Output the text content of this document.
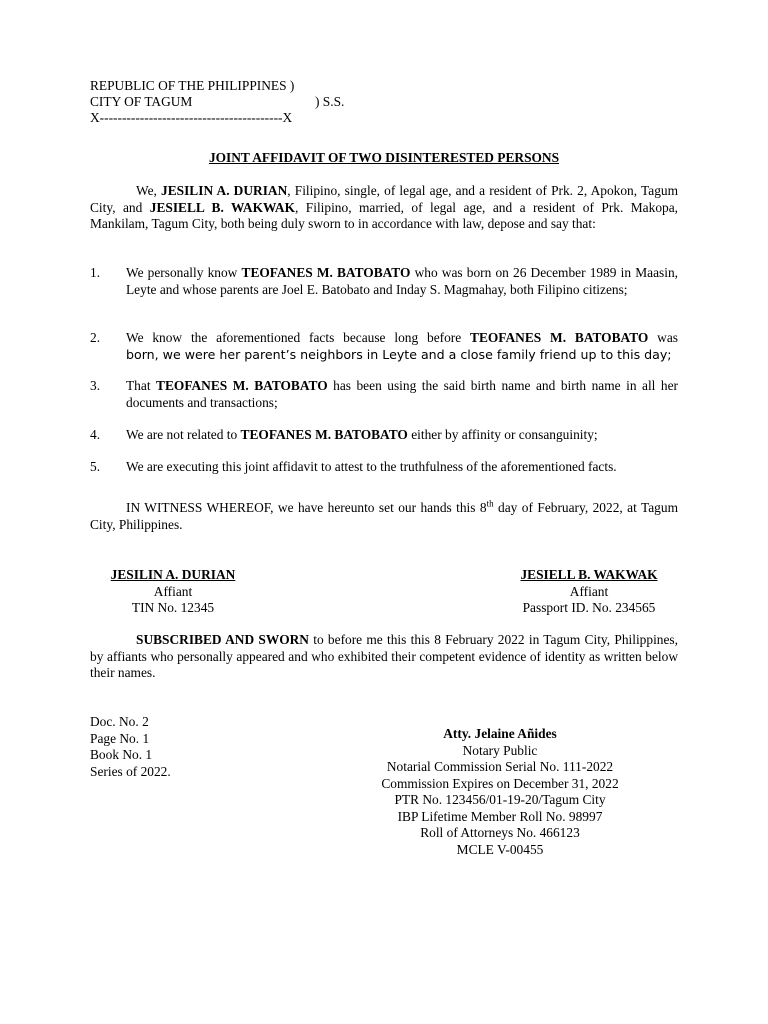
REPUBLIC OF THE PHILIPPINES )
CITY OF TAGUM	) S.S.
X-----------------------------------------X
JOINT AFFIDAVIT OF TWO DISINTERESTED PERSONS
We, JESILIN A. DURIAN, Filipino, single, of legal age, and a resident of Prk. 2, Apokon, Tagum City, and JESIELL B. WAKWAK, Filipino, married, of legal age, and a resident of Prk. Makopa, Mankilam, Tagum City, both being duly sworn to in accordance with law, depose and say that:
1. We personally know TEOFANES M. BATOBATO who was born on 26 December 1989 in Maasin, Leyte and whose parents are Joel E. Batobato and Inday S. Magmahay, both Filipino citizens;
2. We know the aforementioned facts because long before TEOFANES M. BATOBATO was
born, we were her parent’s neighbors in Leyte and a close family friend up to this day;
3. That TEOFANES M. BATOBATO has been using the said birth name and birth name in all her documents and transactions;
4. We are not related to TEOFANES M. BATOBATO either by affinity or consanguinity;
5. We are executing this joint affidavit to attest to the truthfulness of the aforementioned facts.
IN WITNESS WHEREOF, we have hereunto set our hands this 8th day of February, 2022, at Tagum City, Philippines.
JESILIN A. DURIAN
Affiant
TIN No. 12345
JESIELL B. WAKWAK
Affiant
Passport ID. No. 234565
SUBSCRIBED AND SWORN to before me this this 8 February 2022 in Tagum City, Philippines, by affiants who personally appeared and who exhibited their competent evidence of identity as written below their names.
Doc. No. 2
Page No. 1
Book No. 1
Series of 2022.
Atty. Jelaine Añides
Notary Public
Notarial Commission Serial No. 111-2022
Commission Expires on December 31, 2022
PTR No. 123456/01-19-20/Tagum City
IBP Lifetime Member Roll No. 98997
Roll of Attorneys No. 466123
MCLE V-00455
